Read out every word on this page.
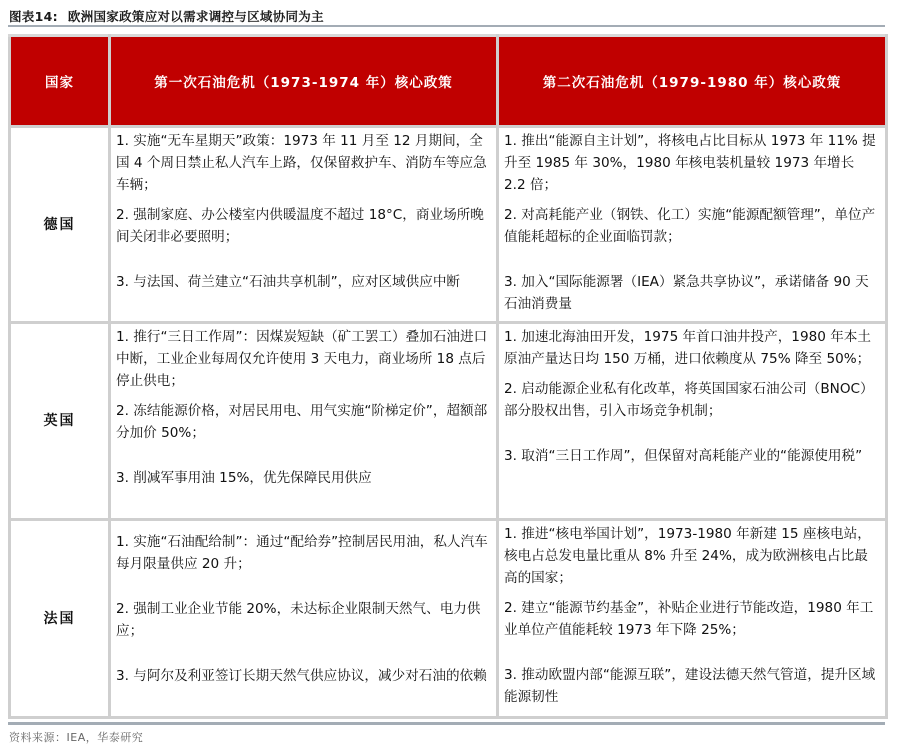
图表14: 欧洲国家政策应对以需求调控与区域协同为主
国家	第一次石油危机（1973-1974 年）核心政策	第二次石油危机（1979-1980 年）核心政策
德国	1. 实施“无车星期天”政策：1973 年 11 月至 12 月期间，全国 4 个周日禁止私人汽车上路，仅保留救护车、消防车等应急车辆；
2. 强制家庭、办公楼室内供暖温度不超过 18°C，商业场所晚间关闭非必要照明；
3. 与法国、荷兰建立“石油共享机制”，应对区域供应中断	1. 推出“能源自主计划”，将核电占比目标从 1973 年 11% 提升至 1985 年 30%，1980 年核电装机量较 1973 年增长 2.2 倍；
2. 对高耗能产业（钢铁、化工）实施“能源配额管理”，单位产值能耗超标的企业面临罚款；
3. 加入“国际能源署（IEA）紧急共享协议”，承诺储备 90 天石油消费量

英国	1. 推行“三日工作周”：因煤炭短缺（矿工罢工）叠加石油进口中断，工业企业每周仅允许使用 3 天电力，商业场所 18 点后停止供电；
2. 冻结能源价格，对居民用电、用气实施“阶梯定价”，超额部分加价 50%；
3. 削减军事用油 15%，优先保障民用供应	1. 加速北海油田开发，1975 年首口油井投产，1980 年本土原油产量达日均 150 万桶，进口依赖度从 75% 降至 50%；
2. 启动能源企业私有化改革，将英国国家石油公司（BNOC）部分股权出售，引入市场竞争机制；
3. 取消“三日工作周”，但保留对高耗能产业的“能源使用税”

法国	1. 实施“石油配给制”：通过“配给券”控制居民用油，私人汽车每月限量供应 20 升；
2. 强制工业企业节能 20%，未达标企业限制天然气、电力供应；
3. 与阿尔及利亚签订长期天然气供应协议，减少对石油的依赖	1. 推进“核电举国计划”，1973-1980 年新建 15 座核电站，核电占总发电量比重从 8% 升至 24%，成为欧洲核电占比最高的国家；
2. 建立“能源节约基金”，补贴企业进行节能改造，1980 年工业单位产值能耗较 1973 年下降 25%；
3. 推动欧盟内部“能源互联”，建设法德天然气管道，提升区域能源韧性
资料来源：IEA，华泰研究
